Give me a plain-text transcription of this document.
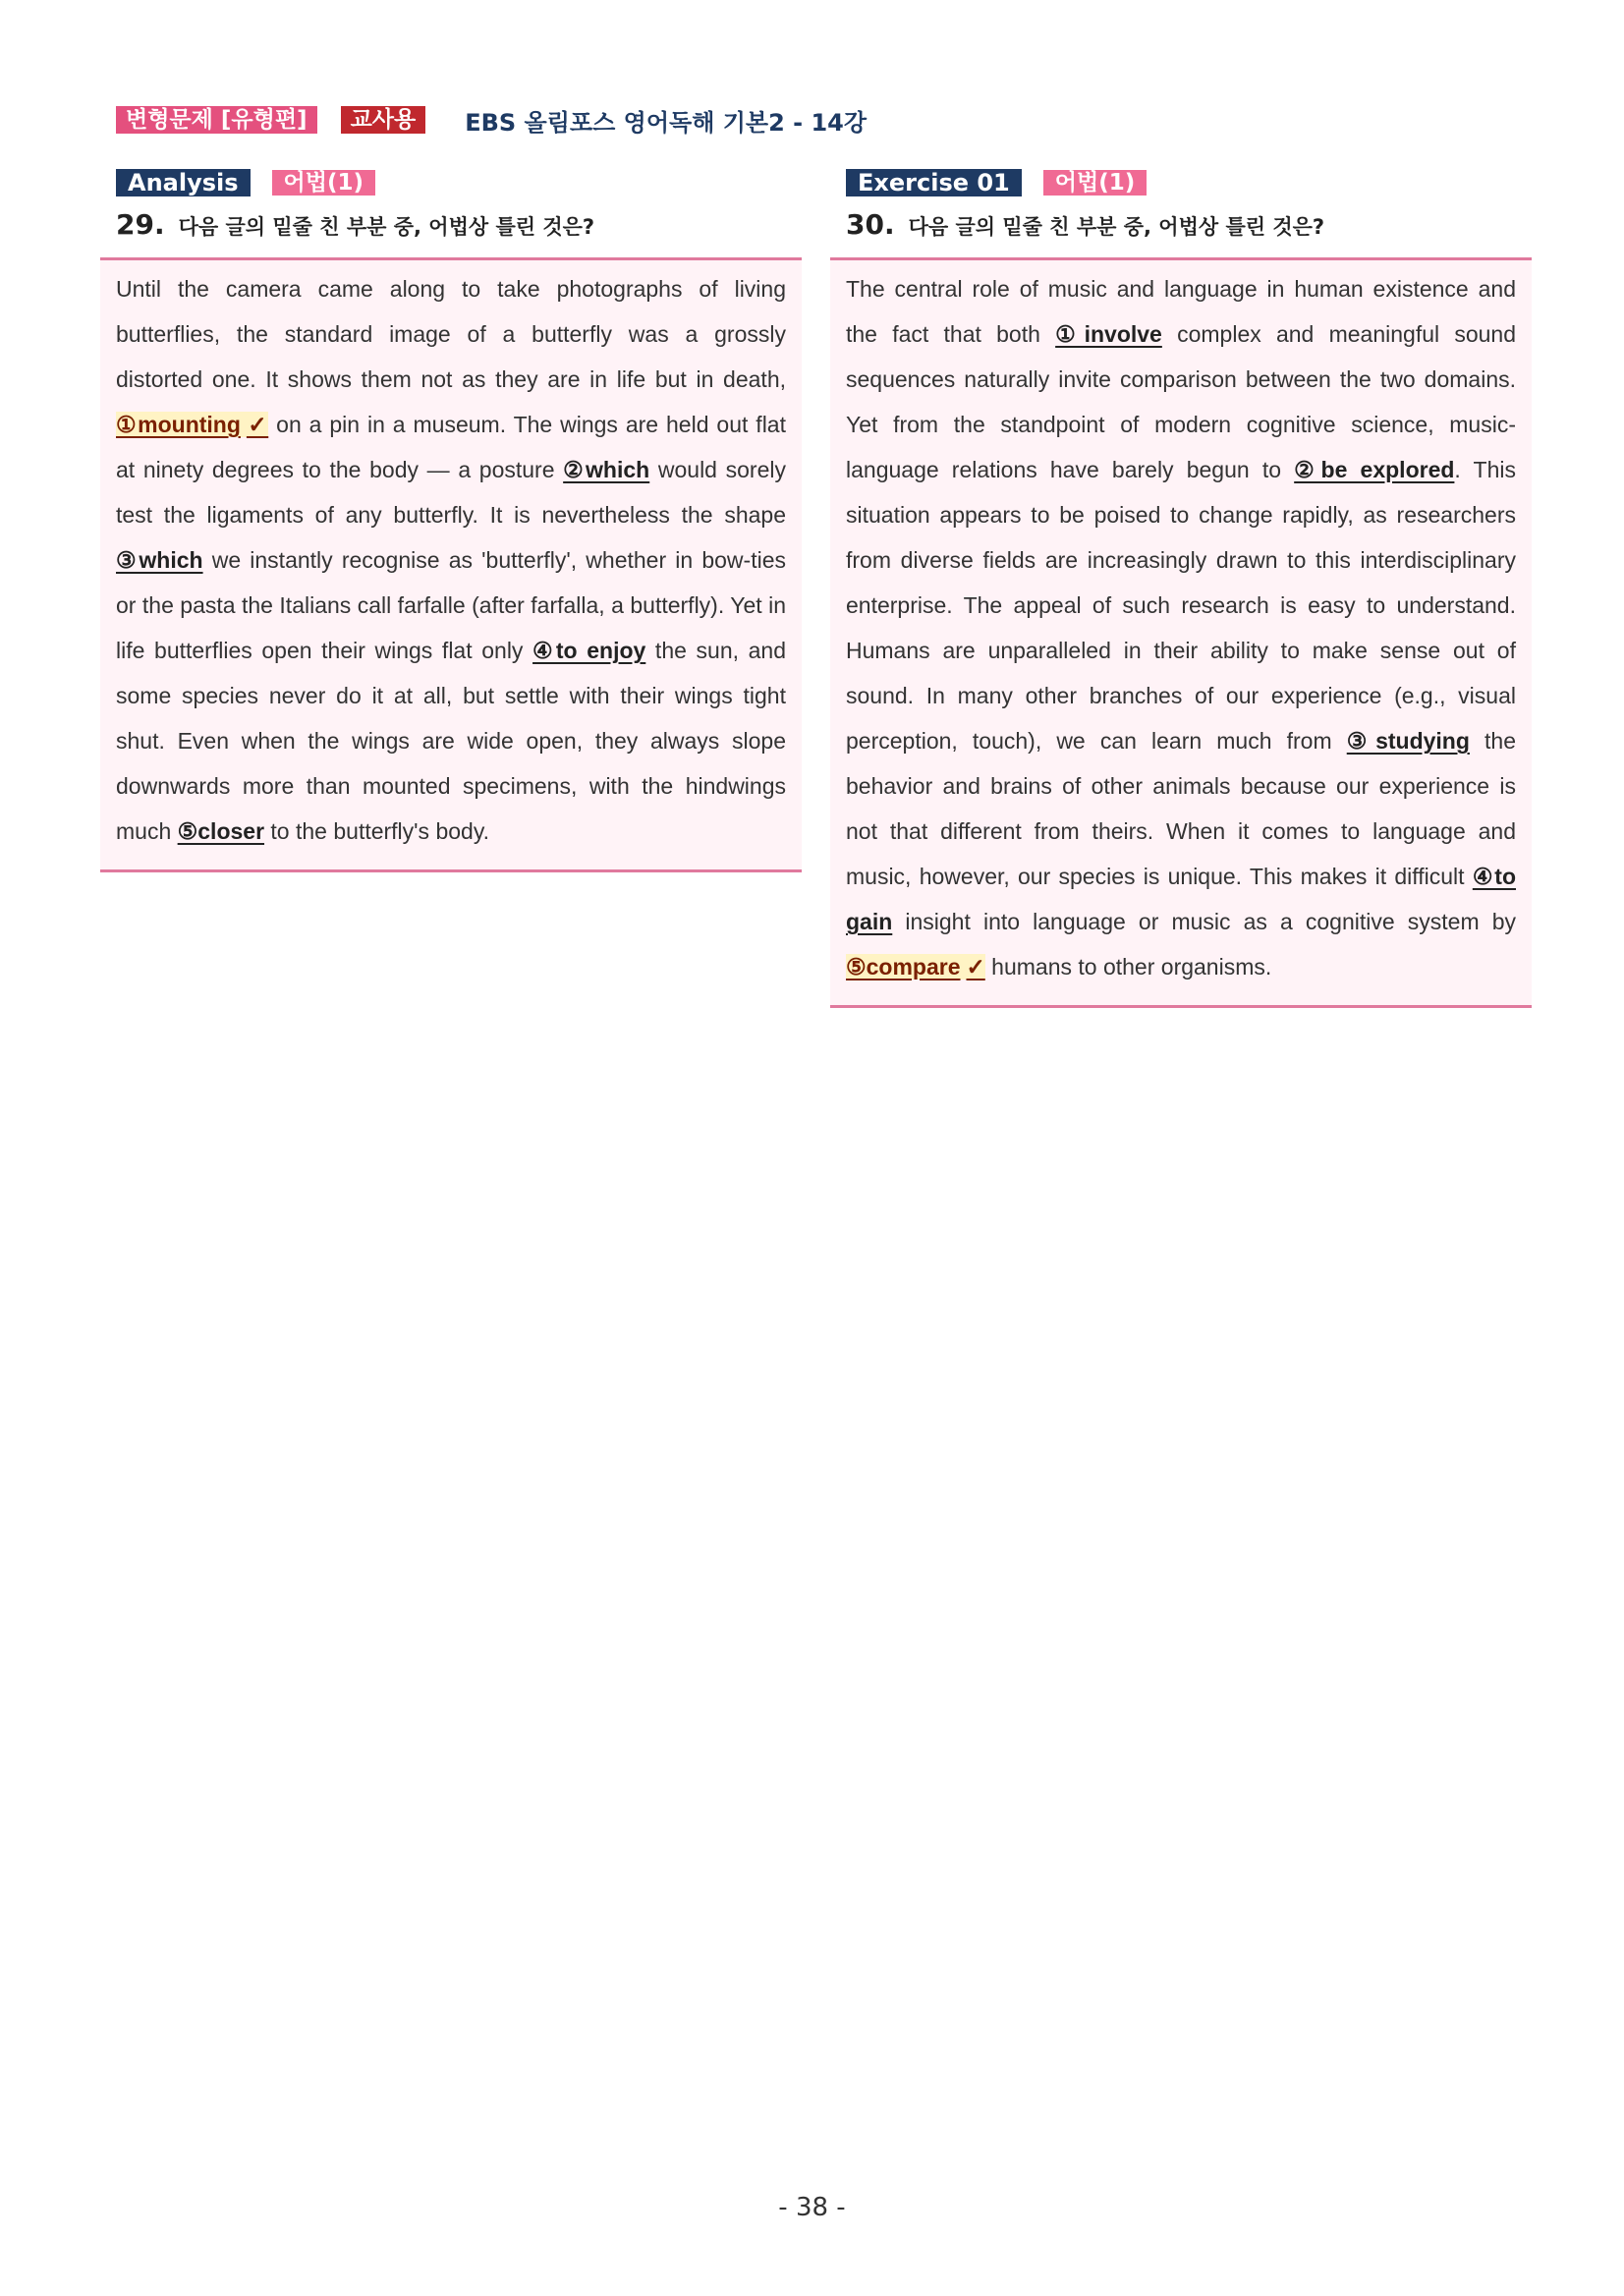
변형문제 [유형편]	교사용	EBS 올림포스 영어독해 기본2 - 14강
Analysis	어법(1)
29. 다음 글의 밑줄 친 부분 중, 어법상 틀린 것은?
Until the camera came along to take photographs of living butterflies, the standard image of a butterfly was a grossly distorted one. It shows them not as they are in life but in death, ①mounting ✓ on a pin in a museum. The wings are held out flat at ninety degrees to the body — a posture ②which would sorely test the ligaments of any butterfly. It is nevertheless the shape ③which we instantly recognise as 'butterfly', whether in bow-ties or the pasta the Italians call farfalle (after farfalla, a butterfly). Yet in life butterflies open their wings flat only ④to enjoy the sun, and some species never do it at all, but settle with their wings tight shut. Even when the wings are wide open, they always slope downwards more than mounted specimens, with the hindwings much ⑤closer to the butterfly's body.
Exercise 01	어법(1)
30. 다음 글의 밑줄 친 부분 중, 어법상 틀린 것은?
The central role of music and language in human existence and the fact that both ①involve complex and meaningful sound sequences naturally invite comparison between the two domains. Yet from the standpoint of modern cognitive science, music-language relations have barely begun to ②be explored. This situation appears to be poised to change rapidly, as researchers from diverse fields are increasingly drawn to this interdisciplinary enterprise. The appeal of such research is easy to understand. Humans are unparalleled in their ability to make sense out of sound. In many other branches of our experience (e.g., visual perception, touch), we can learn much from ③studying the behavior and brains of other animals because our experience is not that different from theirs. When it comes to language and music, however, our species is unique. This makes it difficult ④to gain insight into language or music as a cognitive system by ⑤compare ✓ humans to other organisms.
- 38 -
